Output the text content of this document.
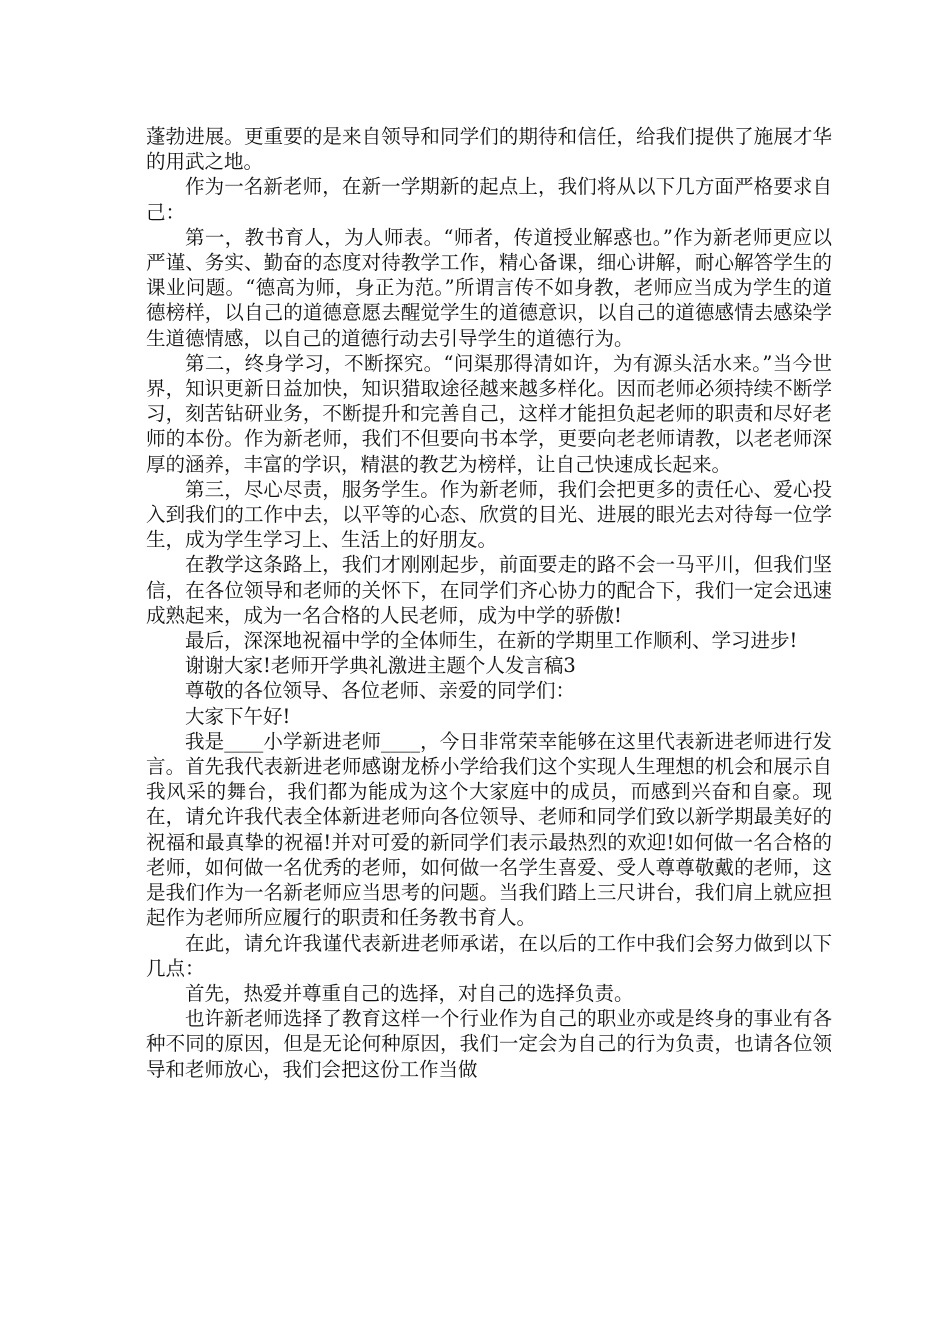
蓬勃进展。更重要的是来自领导和同学们的期待和信任，给我们提供了施展才华的用武之地。

作为一名新老师，在新一学期新的起点上，我们将从以下几方面严格要求自己：

第一，教书育人，为人师表。“师者，传道授业解惑也。”作为新老师更应以严谨、务实、勤奋的态度对待教学工作，精心备课，细心讲解，耐心解答学生的课业问题。“德高为师，身正为范。”所谓言传不如身教，老师应当成为学生的道德榜样，以自己的道德意愿去醒觉学生的道德意识，以自己的道德感情去感染学生道德情感，以自己的道德行动去引导学生的道德行为。

第二，终身学习，不断探究。“问渠那得清如许，为有源头活水来。”当今世界，知识更新日益加快，知识猎取途径越来越多样化。因而老师必须持续不断学习，刻苦钻研业务，不断提升和完善自己，这样才能担负起老师的职责和尽好老师的本份。作为新老师，我们不但要向书本学，更要向老老师请教，以老老师深厚的涵养，丰富的学识，精湛的教艺为榜样，让自己快速成长起来。

第三，尽心尽责，服务学生。作为新老师，我们会把更多的责任心、爱心投入到我们的工作中去，以平等的心态、欣赏的目光、进展的眼光去对待每一位学生，成为学生学习上、生活上的好朋友。

在教学这条路上，我们才刚刚起步，前面要走的路不会一马平川，但我们坚信，在各位领导和老师的关怀下，在同学们齐心协力的配合下，我们一定会迅速成熟起来，成为一名合格的人民老师，成为中学的骄傲!

最后，深深地祝福中学的全体师生，在新的学期里工作顺利、学习进步!

谢谢大家!老师开学典礼激进主题个人发言稿3

尊敬的各位领导、各位老师、亲爱的同学们：

大家下午好!

我是____小学新进老师____，今日非常荣幸能够在这里代表新进老师进行发言。首先我代表新进老师感谢龙桥小学给我们这个实现人生理想的机会和展示自我风采的舞台，我们都为能成为这个大家庭中的成员，而感到兴奋和自豪。现在，请允许我代表全体新进老师向各位领导、老师和同学们致以新学期最美好的祝福和最真挚的祝福!并对可爱的新同学们表示最热烈的欢迎!如何做一名合格的老师，如何做一名优秀的老师，如何做一名学生喜爱、受人尊尊敬戴的老师，这是我们作为一名新老师应当思考的问题。当我们踏上三尺讲台，我们肩上就应担起作为老师所应履行的职责和任务教书育人。

在此，请允许我谨代表新进老师承诺，在以后的工作中我们会努力做到以下几点：

首先，热爱并尊重自己的选择，对自己的选择负责。

也许新老师选择了教育这样一个行业作为自己的职业亦或是终身的事业有各种不同的原因，但是无论何种原因，我们一定会为自己的行为负责，也请各位领导和老师放心，我们会把这份工作当做
